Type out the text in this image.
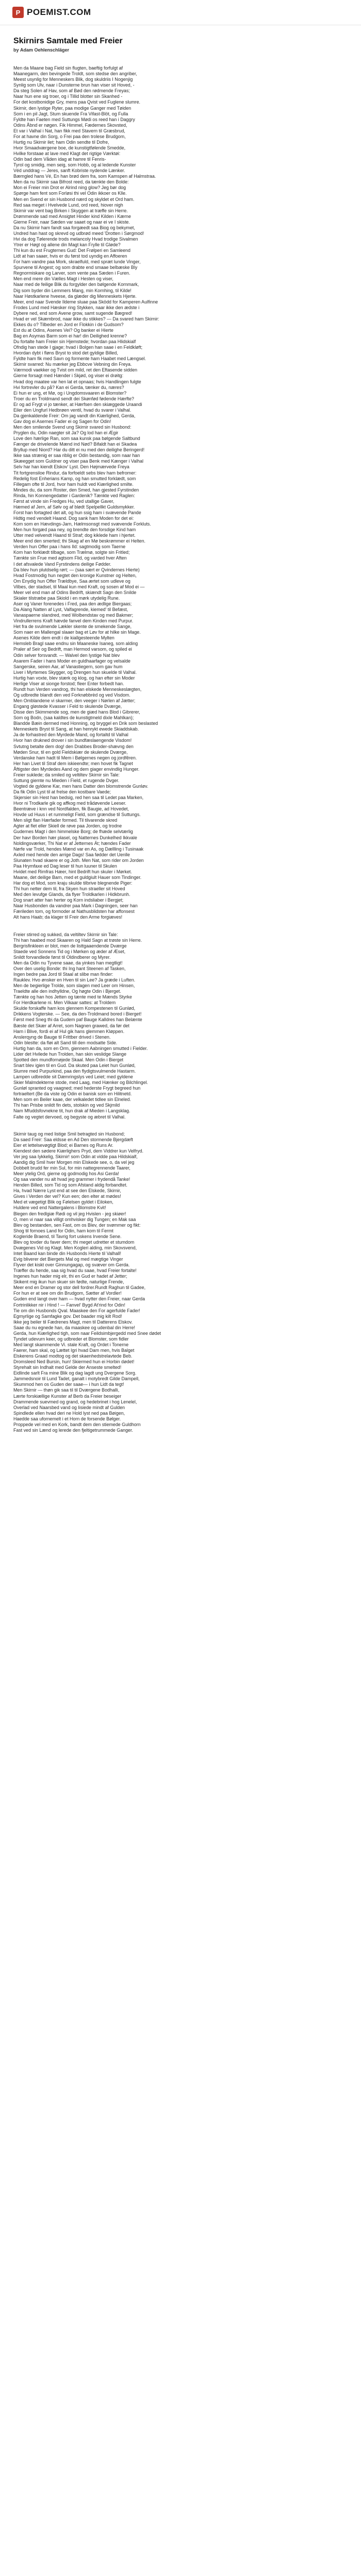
P POEMIST.COM
Skirnirs Samtale med Freier
by Adam Oehlenschläger

Men da Maane bag Field sin flugten, baeftig forfulgt af
Maanegarm, den bevingede Troldt, som stedse den angriber,
Meest usynlig for Menneskers Blik, dog skuldriis I Nogenjig
Synlig som Ulv, naar i Dunsterne brun han viser sit Hoved, -
Da steg Solen af Hav, som af Bød den rødmende Freyas;
Naar hun ene sig troer, og i Tillid blotter sin Skanhed -
For det kostbonidige Gry, mens paa Qvist ved Fuglene slumre.
Skirnir, den lystige Ryter, paa modige Ganger med Tøiden
Som i en pil Jagt, Stum skuende Fra Vifast-Blöt, og Fulla
Fyldte han Faeten med Suttungs Mødi os reed han i Daggry
Odins Åbnd er nøgen. Fik Himmel, Fædernes Skovsted,
Et var i Valhal i Nat, han fikk med Stavern til Græsbrud,
For at havne din Sorg, o Frei paa den trolese Brudgom,
Hurtig nu Skirnir ilet; ham Odin sendte til Dofre,
Hvor Smaadværgene boe, de kunstigtfølende Smedde,
Hvilke forstaae at lave med Klagt det rigtige Værktøi:
Odin bad dem Våden idag at hamre til Fenris-
Tyrol og smidig, men seig, som Hobb, og al ledende Kunster
Véd unddrag — Jeres, sanft Kobriste nydende Lænker.
Bæmgled hans Vé, En han brød dem fra, som Kamspen af Halmstraa.
Men da nu Skirnir saa Bifrost reed, da tænkte den Bolde:
Mon ei Freier min Drot er Alrind ning glow? Jeg bør dog
Spørge ham fent som Forløsi thi vel Odin ikkoer os Klle.
Men en Svend er sin Husbond nærd og skyldet et Ord ham.
Red saa meget i Hvelvede Lund, ord reed, hiover nigh
Skirnir var vent bag Birken i Skyggen at træffe sin Herre.
Drømmende sad med Ansigtet Hinder kind Kilden i Kærne
Gierne Freir, naar Sæden var saaet og naar ei ve I skiste.
Da nu Skirnir ham fandt saa forgæedt saa Biog og bekymet,
Undred han hast og skrevd og udbrød meed 'Drotten i Sørgmod!
Hvi da dog Tølerende trods melancoly Hvad trodige Sivalmen
Ytrer er Høgt og allene din Magt kan Frylle til Gløde?
Thi kun du est Frugternes Gud: Det Frølperi en Samleend
Lidt at han saaer, hvis er du først tod uyndig en Affoeren
For ham vandre paa Mork, skraelfuld, med spræt lunde Vinger,
Spurvene til Angest; og som drabte end smaae belbæske Bly
Regnormiskare og Larver, som vente paa Sæden i Furen.
Men end mere din Vælles Magt i Hesten og viser,
Naar med de feilige Blik du forgylder den bølgende Kornmark,
Dig som byder din Lemmers Mang, min Kornhing, til Kilde!
Naar Høstkarlene hveese, da glæder dig Menneskets Hjerte.
Meer, end naar Svende Ildeme sluae paa Sködd for Kamperen Aulfinne
Frodes Lund med Hæsker ring Stykken, naar ikke den ædste i
Dybere ned, end som Avene grow, samt sugende Bægred!
Hvad er vel Skæmbrod, naar ikke du stikkes? — Da svared ham Skirnir:
Ekkes du o? Tilbeder en Jord er Flokkin i de Gudsom?
Est du at Odins, Asenes Vei? Og banker ei Hierte
Bag en Asymas Barm som ei har! din Deilighed krenne?
Du fortalte ham Freier sin Hjemstede; hvordan paa Hlidskialf
Ofndig han stede I gjage; hvad i Bolgen han saae i en Feldkløft;
Hvordan dybt i fløns Bryst to stod det gyldige Billed,
Fyldte ham fik med Savn og formente ham Haabet med Længsel.
Skirnir svarred: Nu mærker jeg Ebbcve Vebning din Freya.
Værmodi vaekker og Tvist om mild, ret den Eftasende sidden
Gierne forsagt med Hænder i Skjød, og viser ei drøitg:
Hvad dog maatee var hen lat et opnaas; hvis Handlingen fulgte
Hvi fortrevler du på? Kan ei Gerda, tænker du, næres?
Ei hun er ung, et Mø, og i Ungdomsvaaren ei Blomster?
Troer du en Troldmand sendt dei Skønfød fødende Hærfte?
Er og ad Frygt vi jo tænker, at Hærfsen den skiæggede Uraandi
Eiler den Ungfurl Hedbrøen ventil, hvad du svarer i Valhal.
Da gjenkaldende Freir: Om jag vandt din Kiærlighed, Gerda,
Gav dog ei Asernes Fader ei og Sagen for Odin!
Men den smilende Svend ung Skirnir svared sin Husbond:
Pryglen du, Odin naegter sit Ja? Og lod han ei Ægir
Love den hærlige Ran, som saa kunsk paa bølgende Saltbund
Fænger de drivelende Mænd ind Nød? Bifaldt han ei Skadea
Bryllup med Niord? Har du ditt ei nu med den deilighe Beringerd!
Ikke saa strænig er saa riblig er Odin bestandig, som naar han
Skæegget som Guldner og viser paa Benk med Kænger i Valhal
Selv har han kiendt Elskov' Lyst. Den Højmærvede Freya
Tit fortgrensiloe Rindur, da forfoeldt sebs blev ham befromer:
Redelig fost Enherians Kamp, og han smutted forklædt, som
Fillegam ofte til Jord, hvor ham huldt ved Kiærlighed smilte.
Mindes du, da som Roster, den Smed, han gjested Fyrstinden
Rinda, hin Konnengedatter i Gardenik? Tænkte ved Raglen:
Først at vinde sin Fredges Hu, ved utallige Gaver,
Hæmed af Jern, af Sølv og af blødt Spelpellkt Guldsmykker.
Forst han fortagted det alt, og hun ssig ham i svævende Pande
Hidtig med vendelt Haand. Dog sank ham Moden for det ei:
Kom som en Hævdings-Jarn, Hælmsonsgt med svævende Forkluts.
Men hun forgæd paa ney, og brendte den forsdige Kind ham
Utter med velvendt Haand til Straf; dog kiklede ham i hjertet.
Meer end den smerted; thi Skag af en Mø beskrømmer ei Helten.
Verden hun Offer paa i hans Ild: sagtmodig som Taerne
Kom han forklædt tilbage, som Trælmø, solgte sin Fritled;
Tænkte sin Frue med agtsom Flid, og varded hver Aften
I det afsvalede Vand Fyrstindens deilige Fødder.
Da blev hun plutdselig rørt; — (saa sært er Qvindernes Hierte)
Hvad Fostmodig hun negtet den kronige Kunstner og Helten,
Om Enydig hun Offer Trældbye, Saa ærtet som udleve og
Vilbes, der stadsel, til Maal kun med Kraft, og sosen af Mod ei —
Meer vel end man af Odins Bedrift, skiændt Sagn den Snilde
Skialer tilstræbe paa Skiold i en mørk utydelig Rune.
Aser og Vaner forenedes i Fred, paa den ædlige Biergaas;
Da Alang Natten af Lyst, Valfagrende, kiemed' til Befæst,
Vanaspaerne slandred, med Wolbendstav og med Bakmer;
Vindrullerrens Kraft hævde fanvel dem Kinden med Purpur.
Het fra de svulmende Lækler skente de smekende Sange,
Som naer en Mallengal slaaer bag et Løv for at hilke sin Mage.
Asenes Kilde dem endt i de kiallgesteende Mylten
Hemsleb Bragl saae endnu sin Maaneske Isaneg, som alding
Praler af Seir og Bedrift, man Hermod varsom, og spiled ei
Odin selver forsvandt. — Walvel den lystige Nat blev
Asarem Fader i hans Moder en guldhaarfager og velsalde
Sangerske, seiren Aar, af Vanastiegern, som gav hum
Liver i Myrtemes Skygger, og Drengen hun skuelde til Valhal.
Hurtig han voxte, blev stærk og klog, og han efter sin Moder
Herlige Viser at sionge forstod; fleer Enter forbedt han.
Rundt hun Verden vandrog, thi han elskede Menneskeslægten,
Og udbredte blandt den ved Forknøbbrèd og ved Visdom.
Men Omblandene vi skarmer, den veeger i Nørlen af Jætter;
Engang gløstede Kvasser i Feld to skulende Dværge,
Disse den Skimmende sog, men de giæd hans Blod i Gibrerer,
Som og Bodn, (saa kaldtes de kunstigtmeld dixle Mahlkan);
Blandde Bæin dermed med Honning, og bryggel en Drik som beslasted
Menneskets Bryst til Sang, at han henrykt ewede Skiaddskab.
Ja de forhastred den Myrdede Mand, og fortaltd til Valhal
Hvor han drukned drover i sin bundfæslaengende Visdom!
Svtutng betalte dem dog! den Drabbes Broder-shævng den
Møden Snur, til en gold Fieldskiær de skulende Dværge,
Verdanske ham hadt til Mem i Bølgernes negen og jordfêren.
Her han Livet til Straf dem iskieendte; men hovet fik Tagnet
Åftigster den Myrdedes Aand og dem giager envindlig Hunger.
Freier suklede; da smiled og veltiltev Skirnir sin Tale:
Suttung giemte nu Mieden i Field, et rugende Dvger.
Vogted de gyldene Kar, men hans Datter den blomstrende Gunløv.
Da fik Odin Lyst til at frelse den kostbare Vaede;
Skjersier sin Hest han bedsig, red hen saa til Ledet paa Marken,
Hvor ni Trodkarle gik og affkog med trådøvende Leeser.
Beentræve i knn ved Nordfalden, fik Baugie, ad Hovedet,
Hovde ud Huus i et rummeligt Field, som grændse til Suttungs.
Men sligt flan Hærfader formed. Til tilvarende skred
Agter at flet eller Skiell de røve paa Jorden, og trodne
Gudernes Magt i den himmelske Borg; de fhæde selvtærlig
Der havr Borden hær plasel, og Natternes Dunkelhed Ikkvale
Noldingsværker, Thi Nat er af Jetternes Ät; hændes Fader
Nørfe var Trold, hendes Mænd var en As, og Dællling i Tusinaak
Axled med hende den arrige Dags! Saa fødder det Uenlle
Slunaten hvad skaere er og Joth. Men Nat, som rider om Jorden
Paa Hrymfaxe ed Dag leser til hun luuner til Skulen
Hvidet med Rimfras Hæer, hint Bedrift hun skuler i Mørket.
Maane, det deilige Barn, med et guldgiult Hauer som Tindinger.
Har dog et Mod, som kraju skulde tilbrive blegnende Piger:
Thi hun netter dem til, fra Skyen hun straeller sit Hoved
Med den levufge Glands, da flyer Troldkarlen i Hidkbrunh.
Dog snart atter han herter og Korn indsliaber i Bergjet;
Naar Husbonden da vandrer paa Mark i Dagningen, seer han
Færileden tom, og formoder at Nathusblidsten har affonsest
Alt hans Haab; da klager til Freir den Arme forgiæves!

Freier stirred og sukked, da veltiltev Skirnir sin Tale:
Thi han haabed mod Skaaren og Hald Sagn at trøste sin Herre.
Bergrisfinkleen er blot, men de listtgaaendende Dværge
Staede ved Sonnens Tid og i Mørken og æder af Æset,
Snildt forvandlede først til Oldindberer og Myrer.
Men da Odin nu Tyvene saae, da yinkes han megtligt!
Over den uselig Bonde: thi Ing hant Steenen af Tasken,
Ingen bedre paa Jord til Staal at slibe man finder:
Rauklev. Hvo ønsker en Hven til sin Lee? Ja græde i Luften.
Men de begierlige Trolde, som slagen med Leer om Hinsen,
Traeldte alle den indhylldne, Og høgte Odin i Bjerget.
Tænkte og han hos Jetten og tænte med te Mænds Styrke
For Herdkarlene ni. Men Vilkaar sattes: at Troldem
Skulde forskaffe ham kos glennem Kompestenen til Gunlød,
Drikkens Vogterske. — See, da den-Troldmand bored i Bierget!
Først med Sneg thi da Gudem paf Bauge Kalldres han Belænte
Bæste det Skær af Arret, som Nagnen grawed, da før det
Harn i Blive, fordi ei af Hul gik hans glemmen Kløppen.
Anslerqyng de Bauge til Frittber drived i Stenen.
Odin blestte: da fløi alt Sand till den modsatte Side.
Hurtig han da, som en Orm, giennem Aabningen smutted i Fielder.
Lider det Hvilede hun Trolden, han skin veslidge Slange
Spotted den mundfornøjede Skaal. Men Odin i Bierget
Snart blev igien til en Gud. Da skuted paa Leiet hun Gunlød,
Slumre med Purpurkind, paa den flydigtsvulmende Hastarm.
Lampen udbredde sit Dæmringslys ved Leiet; med gyldene
Skier Malmdekterne stode, med Laag, med Hænker og Bilchlingel.
Gunløl spranted og vaagned; med hederste Frygt begreed hun
fortraeltert (Be da viste og Odin ei banisk som en Hilitnetd.
Men som en Beiler kaae, der velkaledet tidlee sin Elneled.
Thi han Prisbe snildt fin dets, stolskin og ved Skjmild
Nam Mfuddsfovnekne tit, hun drak af Mieden i Langsklag.
Falte og vegtet dervoed, og begyste og æbret til Valhal.

Skirnir taug og med listige Smil betragted sin Husbond;
Da saed Freir: Saa eldsse en Ad Den stormende Bjergdæft
Eier et lettelsevøgtigt Blod; ei Barnes og Runs Ar.
Kiendest den sødere Kiærlighers Pryd, dem Viddrer kun Velfryd.
Ver jeg saa Iykkelig, Skirnir! som Odin at vidde paa Hildskialf,
Aandig dig Smil hver Morgen min Elskede see, o, da vel jeg
Dobbelt brudd fer min Sul, for min nattegrennende Taarer,
Meer ytelig Ord, gierne og godmodig hos Asi Gerda!
Og saa vander nu alt hvad jeg grammer i frydendå Tanke!
Henden Billed, som Tid og som Afstand aldig forbandtet.
Ha, hvad Nærre Lyst end at see den Elskede, Skirnir,
Gives i Verden der vel? Kun een; den elter at mødes!
Med et vægetigt Blik og Følelsen gyldet i Eiloken,
Huldere ved end Nattergalens i Blomstre Kvit!
Blegen den fredlgiæ Rødi og vil jeg Hvislen - jeg skiøer!
O, men vi naar saa villigt omhvisker dig Tungen; en Mak saa
Blev og bestanden, sen Fast, om os Blev, der svømmer og fikt:
Shog til fornoes Land for Odin, ham kom til Fermt
Kogleride Braend, til Tavrig fort uskens Irvende Sene.
Blev og tovder du faver dem; thi meget udretter et stumdom
Dvægenes Vid og Klagt. Men Kogleri alding, min Skovsvend,
Intet Baand kan binde din Husbonds Hierte til Valhall!
Evig bliverer det Biergets Mal og med mægtige Vinger
Flyver det kiskt over Ginnungagap, og svæver om Gerda.
Træffer du hende, saa sig hvad du saae, hvad Freier fortalte!
Ingenes hun hader mig elr, thi en Gud er hadet af Jetter;
Skikent mig ikun hun skuer sin fødte, naturlige Frende,
Meer end en Dramer og stor dell fordrer.Rundt Raghun til Gadee,
For hun er at see om din Brudgom, Sætter af Vordler!
Guden end langt over ham — hvad nytter den Freier, naar Gerda
Fortrinlikker nir i Hind ! — Fanvel' Bygd At'rind for Odin!
Tie om din Husbonds Qval. Maaskee den For agerfulde Fader!
Egmyrlige og Samfagke gov. Det baader mig kilt Rod!
Ikke jeg beiler til Fædrenes Magt, men til Datterens Elskov.
Saae du nu egnede han, da maaskee og udenbal din Herre!
Gerda, hun Kiærlighed tigh, som naar Feildsimbjergedd med Snee dødet
Tyndet udevurn keer, og udbreder et Blomster, som fidler
Med langt skammende Vi. stale Kraft, og Ordet i Tonerne
Faerer, ham skal, og Lættet Igri hvad Dam men, hvis Balget
Elskerens Graad modtog og det skaenhedstrelavtede Beb.
Dromsleed Ned Bursin, hun! Skiermed hun ei Horbin dødet!
Styrehalt sin Indhalt med Gelde der Anseste smelted!
Eidlinde sarlt Fra mine Blik og dag lagdt ung Dvergene Sorg.
Jammedsnoir til Lund Tadet, ganalt i motybredt Gilde Dampell,
Skummod hen os Guden der saae— i hun Lidt da tegt!
Men Skirnir — thøn gik saa til til Dværgene Bodhalli,
Lærte forskiællige Kunster af Berb da Freier beseiger
Drammende suevmed og grand, og hedebrinet i hog Lenelel,
Overlad ved Naarsbed vand og Iisiede mindt af Gulden
Spindlede ellen hvad deri ne Hold lyst ned paa Bøigen,
Haedde saa ufornemelt i et Horn de forsende Bølger.
Proppede vel med en Kork, bandt dem den stiemede Guldhorn
Fast ved sin Lænd og lerede den fjeltigetrummede Ganger.
